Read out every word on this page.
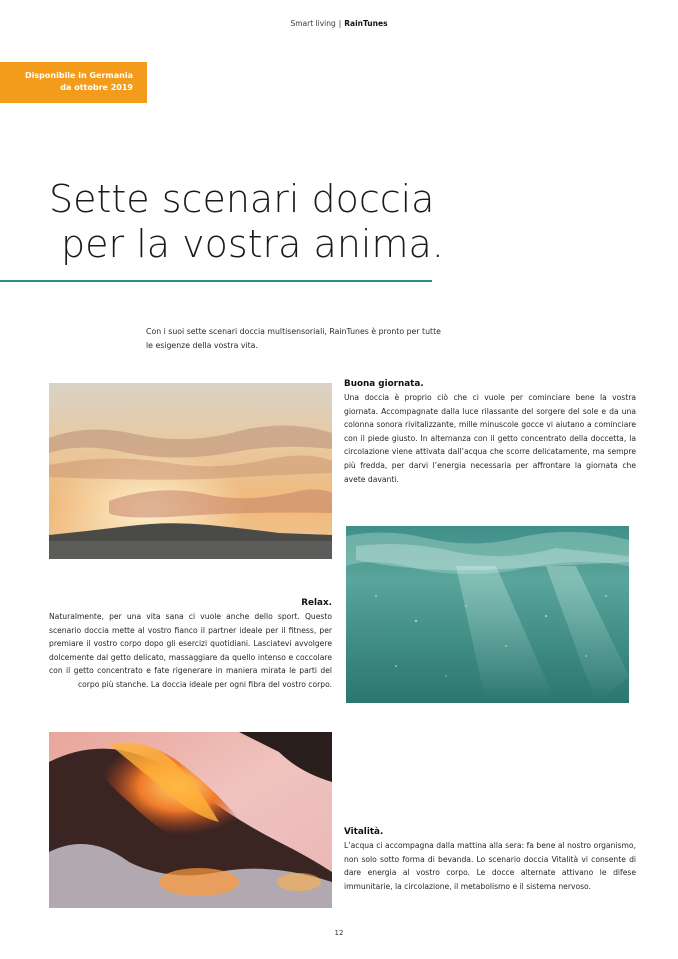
Smart living | RainTunes
Disponibile in Germania
da ottobre 2019
Sette scenari doccia
per la vostra anima.

Con i suoi sette scenari doccia multisensoriali, RainTunes è pronto per tutte le esigenze della vostra vita.

Buona giornata.

Una doccia è proprio ciò che ci vuole per cominciare bene la vostra giornata. Accompagnate dalla luce rilassante del sorgere del sole e da una colonna sonora rivitalizzante, mille minuscole gocce vi aiutano a cominciare con il piede giusto. In alternanza con il getto concentrato della doccetta, la circolazione viene attivata dall’acqua che scorre delicatamente, ma sempre più fredda, per darvi l’energia necessaria per affrontare la giornata che avete davanti.

Relax.

Naturalmente, per una vita sana ci vuole anche dello sport. Questo scenario doccia mette al vostro fianco il partner ideale per il fitness, per premiare il vostro corpo dopo gli esercizi quotidiani. Lasciatevi avvolgere dolcemente dal getto delicato, massaggiare da quello intenso e coccolare con il getto concentrato e fate rigenerare in maniera mirata le parti del corpo più stanche. La doccia ideale per ogni fibra del vostro corpo.

Vitalità.

L’acqua ci accompagna dalla mattina alla sera: fa bene al nostro organismo, non solo sotto forma di bevanda. Lo scenario doccia Vitalità vi consente di dare energia al vostro corpo. Le docce alternate attivano le difese immunitarie, la circolazione, il metabolismo e il sistema nervoso.

12
